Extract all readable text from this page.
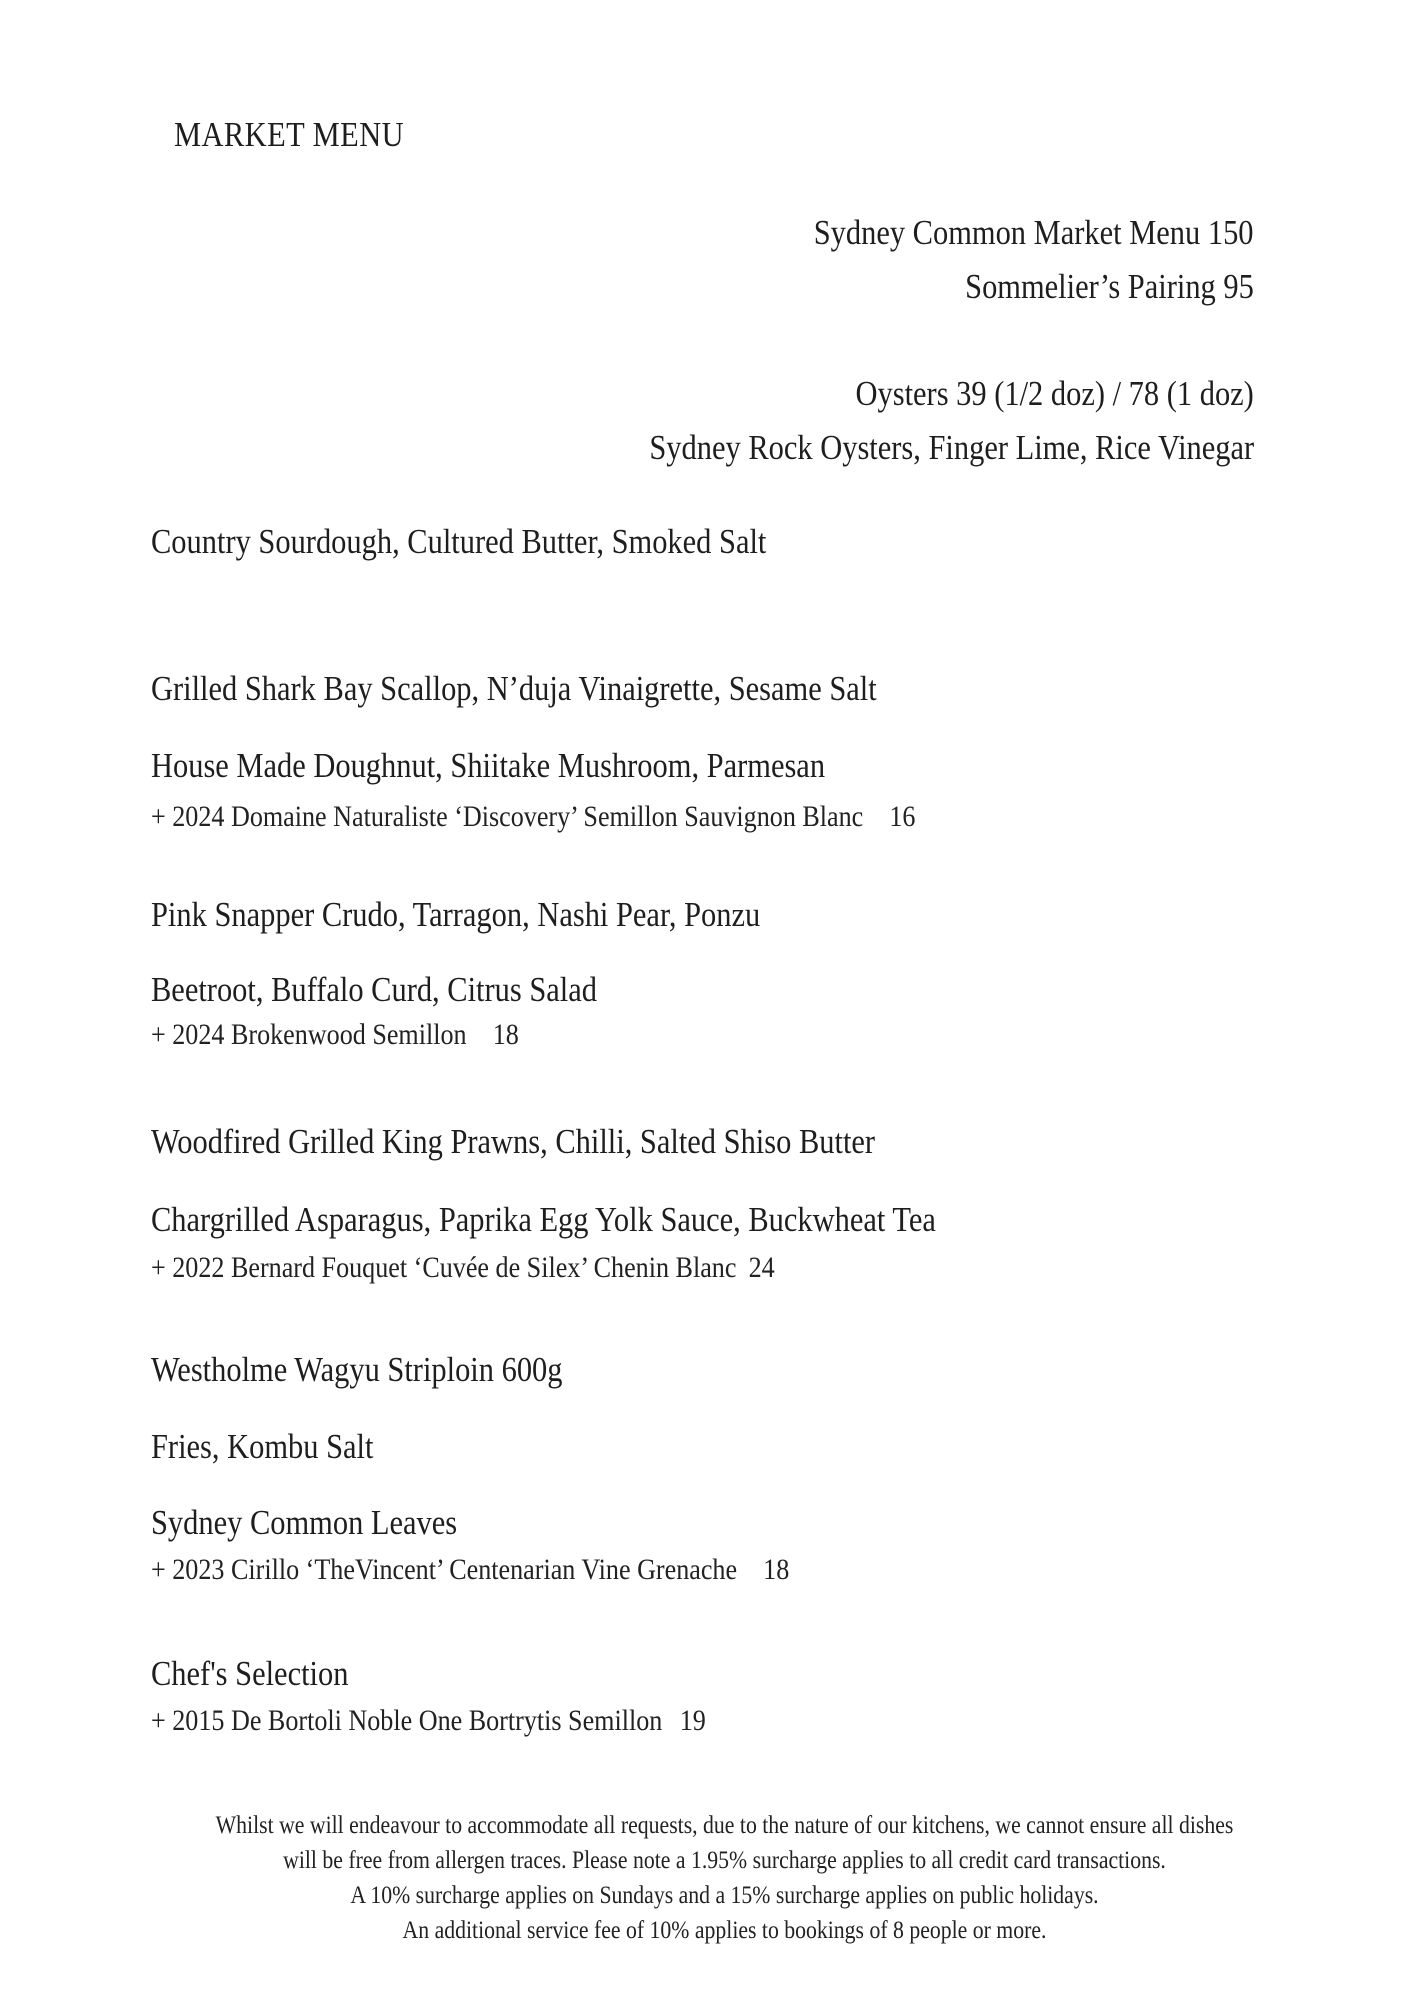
MARKET MENU
Sydney Common Market Menu 150
Sommelier’s Pairing 95
Oysters 39 (1/2 doz) / 78 (1 doz)
Sydney Rock Oysters, Finger Lime, Rice Vinegar
Country Sourdough, Cultured Butter, Smoked Salt
Grilled Shark Bay Scallop, N’duja Vinaigrette, Sesame Salt
House Made Doughnut, Shiitake Mushroom, Parmesan
+ 2024 Domaine Naturaliste ‘Discovery’ Semillon Sauvignon Blanc 16
Pink Snapper Crudo, Tarragon, Nashi Pear, Ponzu
Beetroot, Buffalo Curd, Citrus Salad
+ 2024 Brokenwood Semillon 18
Woodfired Grilled King Prawns, Chilli, Salted Shiso Butter
Chargrilled Asparagus, Paprika Egg Yolk Sauce, Buckwheat Tea
+ 2022 Bernard Fouquet ‘Cuvée de Silex’ Chenin Blanc 24
Westholme Wagyu Striploin 600g
Fries, Kombu Salt
Sydney Common Leaves
+ 2023 Cirillo ‘TheVincent’ Centenarian Vine Grenache 18
Chef's Selection
+ 2015 De Bortoli Noble One Bortrytis Semillon 19
Whilst we will endeavour to accommodate all requests, due to the nature of our kitchens, we cannot ensure all dishes
will be free from allergen traces. Please note a 1.95% surcharge applies to all credit card transactions.
A 10% surcharge applies on Sundays and a 15% surcharge applies on public holidays.
An additional service fee of 10% applies to bookings of 8 people or more.
